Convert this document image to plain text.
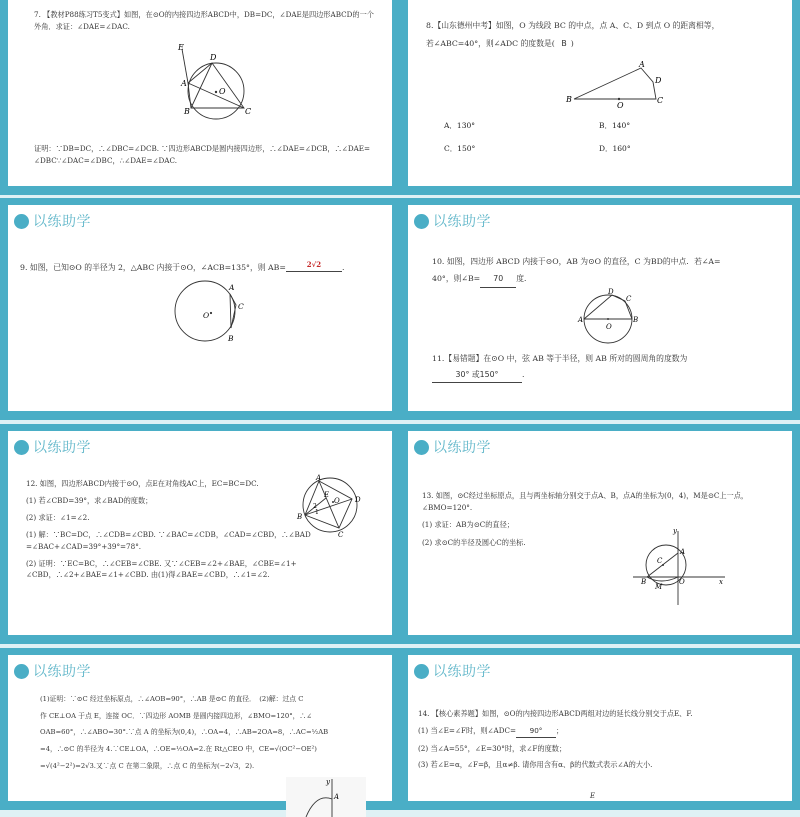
7. 【教材P88练习T5变式】如图，在⊙O的内接四边形ABCD中，DB=DC，∠DAE是四边形ABCD的一个
外角．求证：∠DAE=∠DAC.
E
D
A
O
B	C
证明：∵DB=DC，∴∠DBC=∠DCB. ∵四边形ABCD是圆内接四边形，∴∠DAE=∠DCB，∴∠DAE=
∠DBC∵∠DAC=∠DBC，∴∠DAE=∠DAC.
8.【山东德州中考】如图，O 为线段 BC 的中点，点 A、C、D 到点 O 的距离相等，
若∠ABC=40°，则∠ADC 的度数是( B )
A
D
B
O
C
A．130°	B．140°
C．150°	D．160°
以练助学
9. 如图，已知⊙O 的半径为 2，△ABC 内接于⊙O，∠ACB=135°，则 AB=	2√2	.
A
C
O
B
以练助学
10. 如图，四边形 ABCD 内接于⊙O，AB 为⊙O 的直径，C 为BD的中点．若∠A=
40°，则∠B= 70 度．
D
C
A	B
O
11.【易错题】在⊙O 中，弦 AB 等于半径，则 AB 所对的圆周角的度数为
30° 或150°	.
以练助学
12. 如图，四边形ABCD内接于⊙O，点E在对角线AC上，EC=BC=DC.
(1) 若∠CBD=39°，求∠BAD的度数；
(2) 求证：∠1=∠2.
(1) 解：∵BC=DC，∴∠CDB=∠CBD. ∵∠BAC=∠CDB，∠CAD=∠CBD，∴∠BAD
=∠BAC+∠CAD=39°+39°=78°.
(2) 证明：∵EC=BC，∴∠CEB=∠CBE. 又∵∠CEB=∠2+∠BAE，∠CBE=∠1+
∠CBD，∴∠2+∠BAE=∠1+∠CBD. 由(1)得∠BAE=∠CBD，∴∠1=∠2.
A
E
O D
B
C
2
1
以练助学
13. 如图，⊙C经过坐标原点，且与两坐标轴分别交于点A、B，点A的坐标为(0，4)，M是⊙C上一点，
∠BMO=120°.
(1) 求证：AB为⊙C的直径；
(2) 求⊙C的半径及圆心C的坐标.
y
A
C
B
M
O	x
以练助学
(1)证明：∵⊙C 经过坐标原点，∴∠AOB=90°，∴AB 是⊙C 的直径．　(2)解：过点 C
作 CE⊥OA 于点 E，连接 OC．∵四边形 AOMB 是圆内接四边形，∠BMO=120°，∴∠
OAB=60°，∴∠ABO=30°.∵点 A 的坐标为(0,4)，∴OA=4，∴AB=2OA=8，∴AC=½AB
=4，∴⊙C 的半径为 4.∵CE⊥OA，∴OE=½OA=2.在 Rt△CEO 中，CE=√(OC²−OE²)
=√(4²−2²)=2√3.又∵点 C 在第二象限，∴点 C 的坐标为(−2√3，2).
y
A
以练助学
14. 【核心素养题】如图，⊙O的内接四边形ABCD两组对边的延长线分别交于点E、F.
(1) 当∠E=∠F时，则∠ADC= 90° ；
(2) 当∠A=55°，∠E=30°时，求∠F的度数；
(3) 若∠E=α，∠F=β，且α≠β. 请你用含有α、β的代数式表示∠A的大小.
E
